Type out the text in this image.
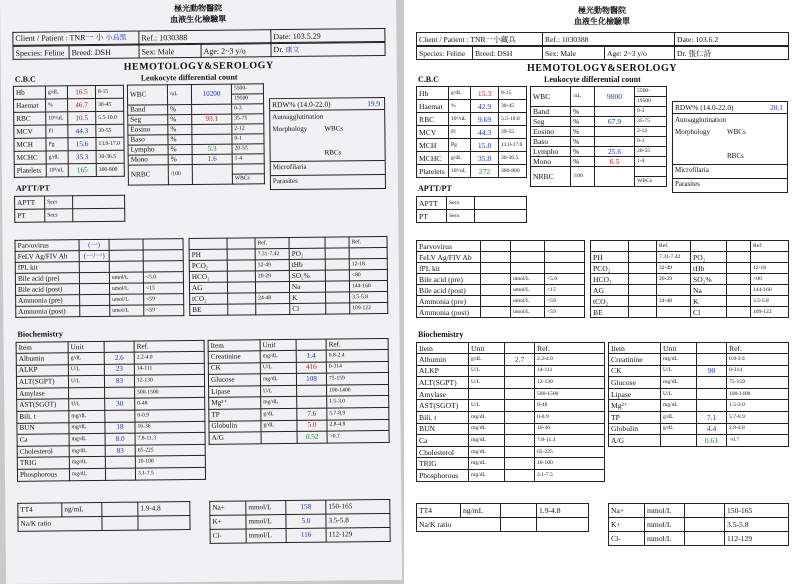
極光動物醫院
血液生化檢驗單
Client / Patient : TNR一 小 小烏黑	Ref.: 1030388	Date: 103.5.29
Species: Feline	Breed: DSH	Sex: Male	Age: 2~3 y/o	Dr. 康文
HEMOTOLOGY&SEROLOGY
C.B.C	Leukocyte differential count
Hb	g/dL	16.5	8-15
Haemat	%	46.7	30-45
RBC	10⁶/uL	10.5	5.5-10.0
MCV	Fl	44.3	39-55
MCH	Pg	15.6	13.0-17.0
MCHC	g/dL	35.3	30-36.5
Platelets	10³/uL	165	300-800
WBC	/uL	10200	5500-
			19500
Band	%		0-3
Seg	%	93.1	35-75
Eosino	%		2-12
Baso	%		0-1
Lympho	%	5.3	20-55
Mono	%	1.6	1-4
NRBC	/100		
			WBCs
RDW% (14.0-22.0)	19.9
Autoagglutination
Morphology WBCs
RBCs
Microfilaria
Parasites
APTT/PT
APTT	Secs	
PT	Secs	
Parvovirus	(一)		
FeLV Ag/FIV Ab	(一/一)		
fPL kit			
Bile acid (pre)		umol/L	<5.0
Bile acid (post)		umol/L	<15
Ammonia (pre)		umol/L	<59
Ammonia (post)		umol/L	<59
		Ref.			Ref.
PH		7.31-7.42	PO₂		
PCO₂		32-49	tHb		12-18
HCO₃		20-29	SO₂%		<80
AG			Na		144-160
tCO₂		24-48	K		3.5-5.8
BE			Cl		109-122
Biochemistry
Item	Unit		Ref.
Albumin	g/dL	2.6	2.2-4.0
ALKP	U/L	23	14-111
ALT(SGPT)	U/L	83	12-130
Amylase			500-1500
AST(SGOT)	U/L	30	0-48
Bili. t	mg/dL		0-0.9
BUN	mg/dL	18	16-36
Ca	mg/dL	8.0	7.8-11.3
Cholesterol	mg/dL	83	65-225
TRIG	mg/dL		10-100
Phosphorous	mg/dL		3.1-7.5
Item	Unit		Ref.
Creatinine	mg/dL	1.4	0.8-2.4
CK	U/L	416	0-314
Glucose	mg/dL	108	75-159
Lipase	U/L		100-1400
Mg²⁺	mg/dL		1.5-3.0
TP	g/dL	7.6	5.7-8.9
Globulin	g/dL	5.0	2.8-4.8
A/G		0.52	>0.7
TT4	ng/mL		1.9-4.8
Na/K ratio			
Na+	mmol/L	158	150-165
K+	mmol/L	5.0	3.5-5.8
Cl-	mmol/L	116	112-129
極光動物醫院
血液生化檢驗單
Client / Patient : TNR一小藏兵	Ref.: 1030388	Date: 103.6.2
Species: Feline	Breed: DSH	Sex: Male	Age: 2~3 y/o	Dr. 張仁詩
HEMOTOLOGY&SEROLOGY
C.B.C	Leukocyte differential count
Hb	g/dL	15.3	8-15
Haemat	%	42.9	30-45
RBC	10⁶/uL	9.69	5.5-10.0
MCV	Fl	44.3	39-55
MCH	Pg	15.8	13.0-17.0
MCHC	g/dL	35.8	30-36.5
Platelets	10³/uL	272	300-800
WBC	/uL	9800	5500-
			19500
Band	%		0-3
Seg	%	67.9	35-75
Eosino	%		2-12
Baso	%		0-1
Lympho	%	25.6	20-55
Mono	%	6.5	1-4
NRBC	/100		
			WBCs
RDW% (14.0-22.0)	20.1
Autoagglutination
Morphology WBCs
RBCs
Microfilaria
Parasites
APTT/PT
APTT	Secs	
PT	Secs	
Parvovirus			
FeLV Ag/FIV Ab			
fPL kit			
Bile acid (pre)		umol/L	<5.0
Bile acid (post)		umol/L	<15
Ammonia (pre)		umol/L	<59
Ammonia (post)		umol/L	<59
		Ref.			Ref.
PH		7.31-7.42	PO₂		
PCO₂		32-49	tHb		12-18
HCO₃		20-29	SO₂%		<80
AG			Na		144-160
tCO₂		24-48	K		3.5-5.8
BE			Cl		109-122
Biochemistry
Item	Unit		Ref.
Albumin	g/dL	2.7	2.2-4.0
ALKP	U/L		14-111
ALT(SGPT)	U/L		12-130
Amylase			500-1500
AST(SGOT)	U/L		0-48
Bili. t	mg/dL		0-0.9
BUN	mg/dL		16-36
Ca	mg/dL		7.8-11.3
Cholesterol	mg/dL		65-225
TRIG	mg/dL		10-100
Phosphorous	mg/dL		3.1-7.5
Item	Unit		Ref.
Creatinine	mg/dL		0.8-2.4
CK	U/L	90	0-314
Glucose	mg/dL		75-159
Lipase	U/L		100-1400
Mg²⁺	mg/dL		1.5-3.0
TP	g/dL	7.1	5.7-8.9
Globulin	g/dL	4.4	2.8-4.8
A/G		0.61	>0.7
TT4	ng/mL		1.9-4.8
Na/K ratio			
Na+	mmol/L		150-165
K+	mmol/L		3.5-5.8
Cl-	mmol/L		112-129
